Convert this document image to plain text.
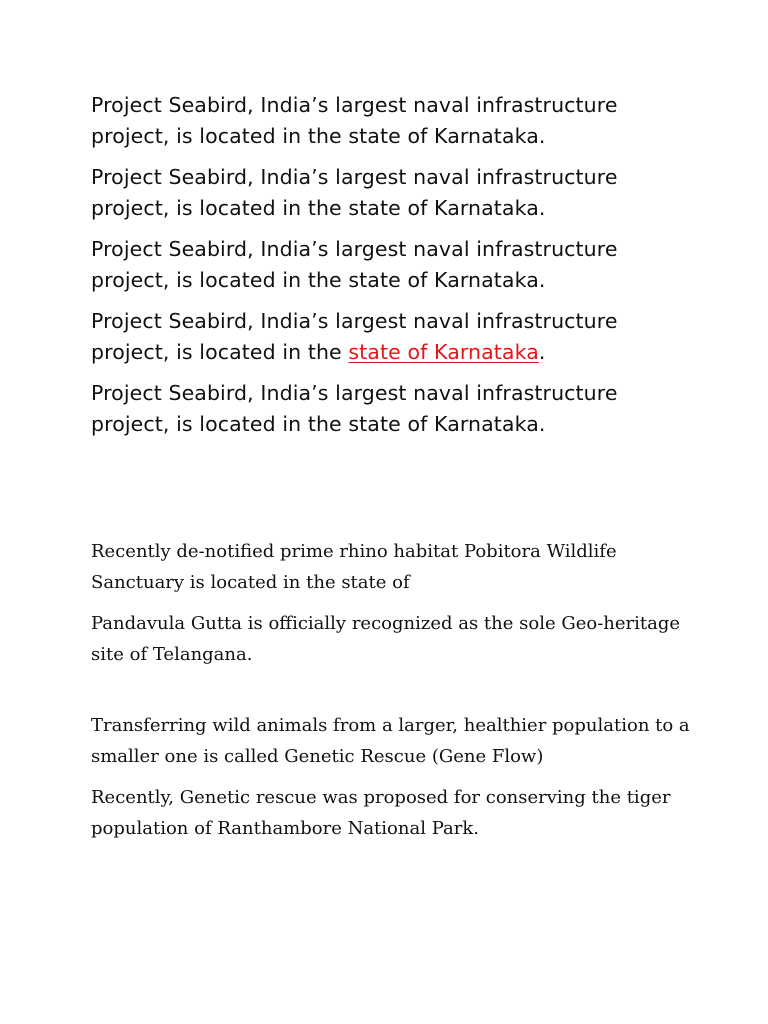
Project Seabird, India’s largest naval infrastructure
project, is located in the state of Karnataka.

Project Seabird, India’s largest naval infrastructure
project, is located in the state of Karnataka.

Project Seabird, India’s largest naval infrastructure
project, is located in the state of Karnataka.

Project Seabird, India’s largest naval infrastructure
project, is located in the state of Karnataka.

Project Seabird, India’s largest naval infrastructure
project, is located in the state of Karnataka.

Recently de-notified prime rhino habitat Pobitora Wildlife Sanctuary is located in the state of

Pandavula Gutta is officially recognized as the sole Geo-heritage site of Telangana.

Transferring wild animals from a larger, healthier population to a smaller one is called Genetic Rescue (Gene Flow)

Recently, Genetic rescue was proposed for conserving the tiger population of Ranthambore National Park.
